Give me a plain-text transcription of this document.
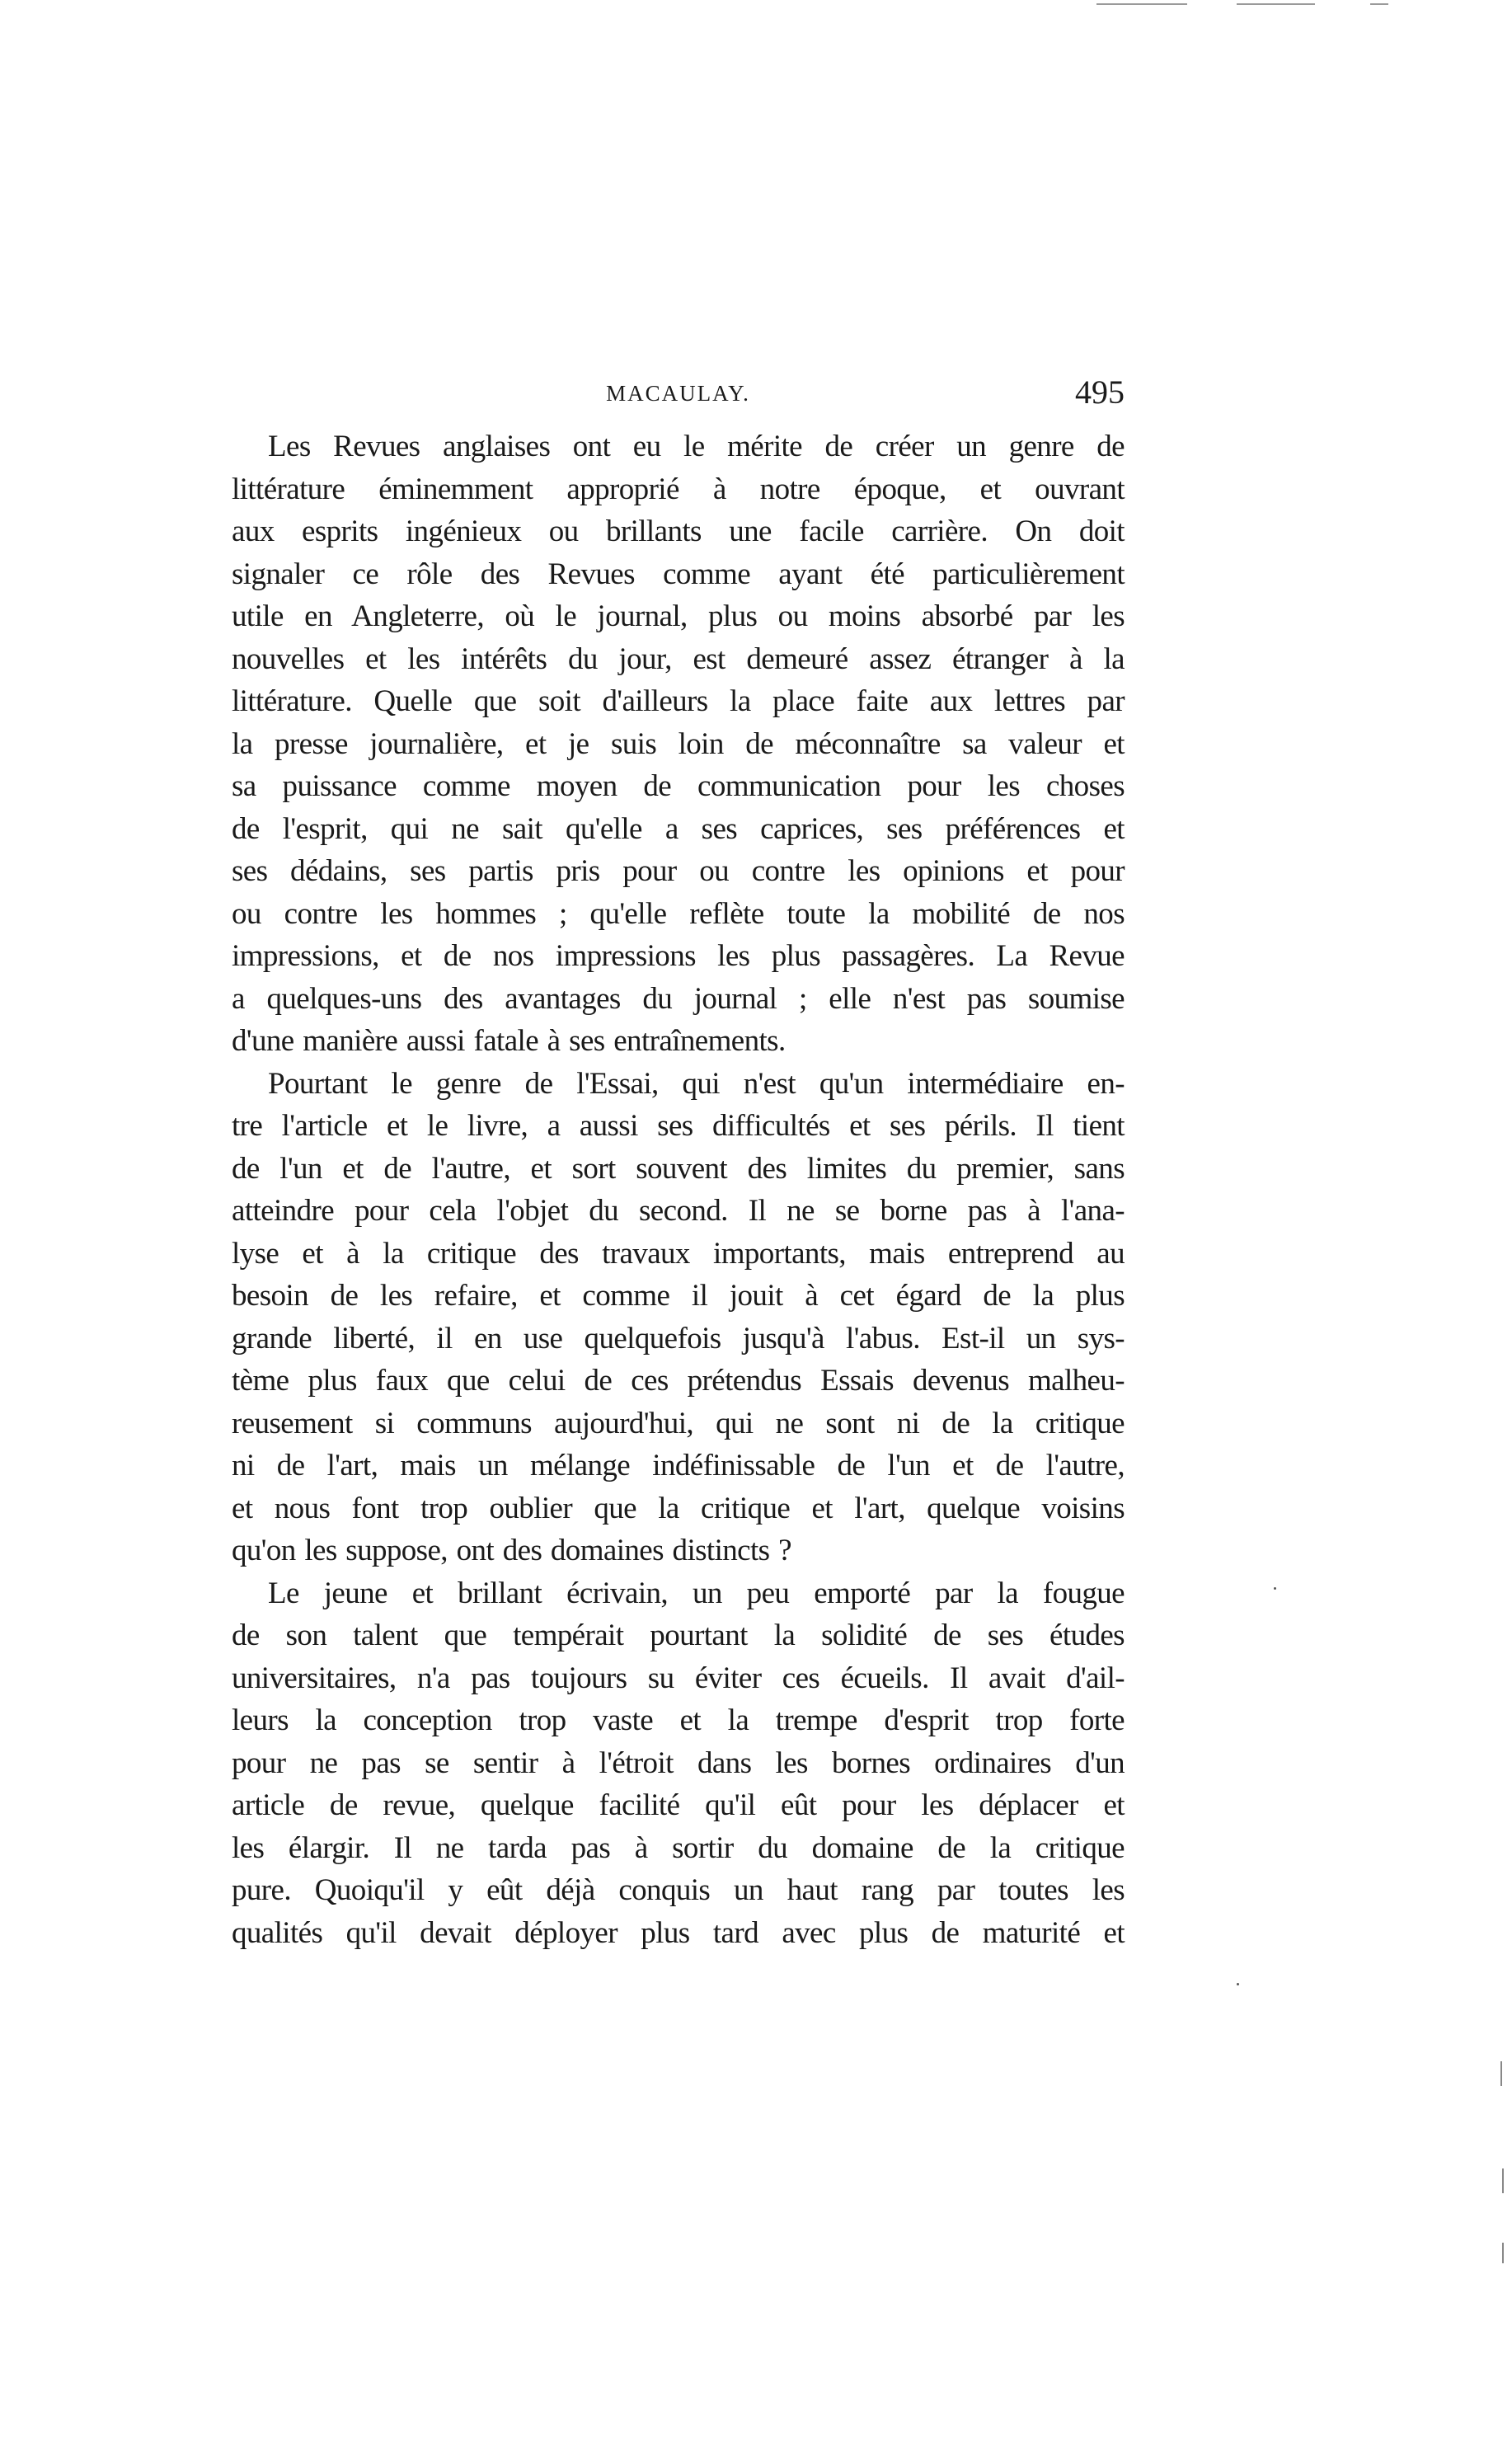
MACAULAY.	495
Les Revues anglaises ont eu le mérite de créer un genre de
littérature éminemment approprié à notre époque, et ouvrant
aux esprits ingénieux ou brillants une facile carrière. On doit
signaler ce rôle des Revues comme ayant été particulièrement
utile en Angleterre, où le journal, plus ou moins absorbé par les
nouvelles et les intérêts du jour, est demeuré assez étranger à la
littérature. Quelle que soit d'ailleurs la place faite aux lettres par
la presse journalière, et je suis loin de méconnaître sa valeur et
sa puissance comme moyen de communication pour les choses
de l'esprit, qui ne sait qu'elle a ses caprices, ses préférences et
ses dédains, ses partis pris pour ou contre les opinions et pour
ou contre les hommes ; qu'elle reflète toute la mobilité de nos
impressions, et de nos impressions les plus passagères. La Revue
a quelques-uns des avantages du journal ; elle n'est pas soumise
d'une manière aussi fatale à ses entraînements.
Pourtant le genre de l'Essai, qui n'est qu'un intermédiaire en-
tre l'article et le livre, a aussi ses difficultés et ses périls. Il tient
de l'un et de l'autre, et sort souvent des limites du premier, sans
atteindre pour cela l'objet du second. Il ne se borne pas à l'ana-
lyse et à la critique des travaux importants, mais entreprend au
besoin de les refaire, et comme il jouit à cet égard de la plus
grande liberté, il en use quelquefois jusqu'à l'abus. Est-il un sys-
tème plus faux que celui de ces prétendus Essais devenus malheu-
reusement si communs aujourd'hui, qui ne sont ni de la critique
ni de l'art, mais un mélange indéfinissable de l'un et de l'autre,
et nous font trop oublier que la critique et l'art, quelque voisins
qu'on les suppose, ont des domaines distincts ?
Le jeune et brillant écrivain, un peu emporté par la fougue
de son talent que tempérait pourtant la solidité de ses études
universitaires, n'a pas toujours su éviter ces écueils. Il avait d'ail-
leurs la conception trop vaste et la trempe d'esprit trop forte
pour ne pas se sentir à l'étroit dans les bornes ordinaires d'un
article de revue, quelque facilité qu'il eût pour les déplacer et
les élargir. Il ne tarda pas à sortir du domaine de la critique
pure. Quoiqu'il y eût déjà conquis un haut rang par toutes les
qualités qu'il devait déployer plus tard avec plus de maturité et
